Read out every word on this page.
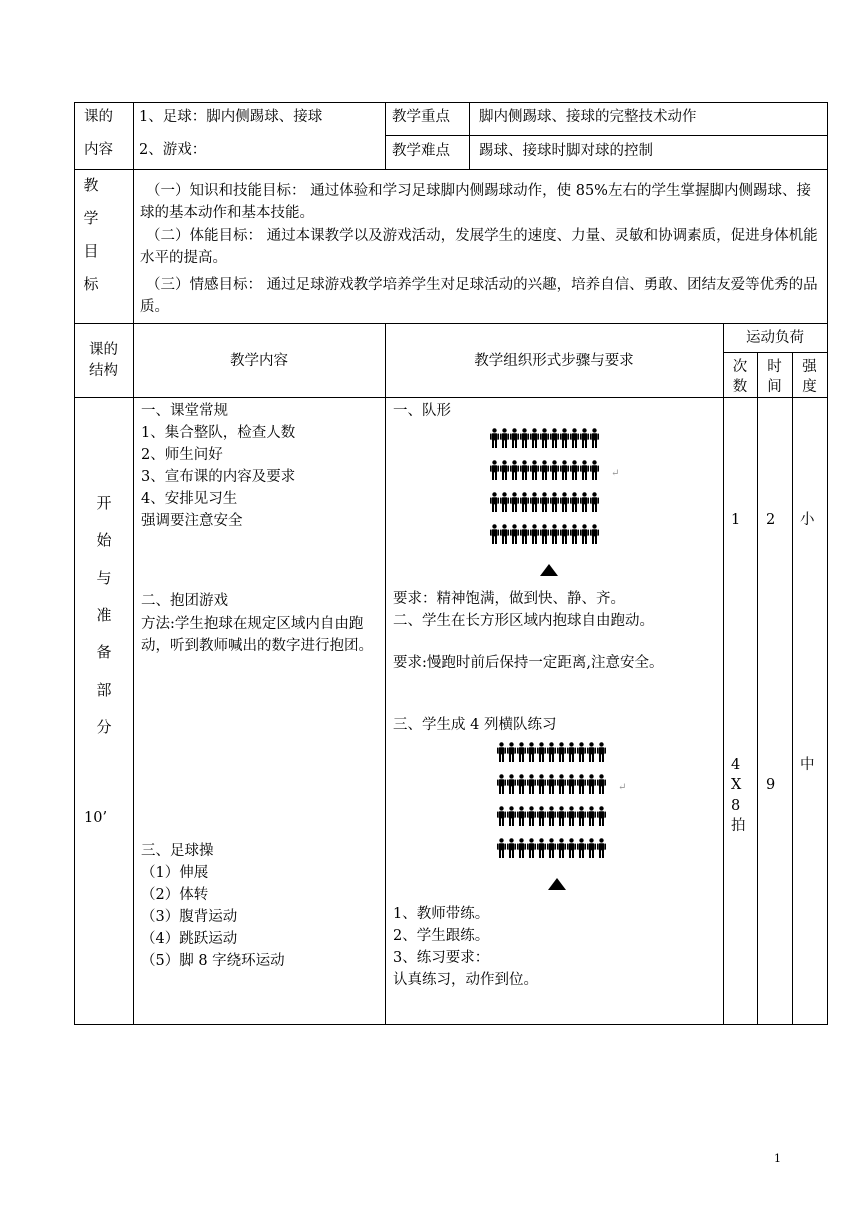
课的
内容
1、足球：脚内侧踢球、接球
2、游戏：
教学重点 脚内侧踢球、接球的完整技术动作
教学难点 踢球、接球时脚对球的控制
教
学
目
标
（一）知识和技能目标： 通过体验和学习足球脚内侧踢球动作，使 85%左右的学生掌握脚内侧踢球、接球的基本动作和基本技能。
（二）体能目标： 通过本课教学以及游戏活动，发展学生的速度、力量、灵敏和协调素质，促进身体机能水平的提高。
（三）情感目标： 通过足球游戏教学培养学生对足球活动的兴趣，培养自信、勇敢、团结友爱等优秀的品质。
课的
结构
教学内容	教学组织形式步骤与要求
运动负荷
次
数
时
间
强
度
开
始
与
准
备
部
分
10’
一、课堂常规
1、集合整队，检查人数
2、师生问好
3、宣布课的内容及要求
4、安排见习生
强调要注意安全
二、抱团游戏
方法:学生抱球在规定区域内自由跑动，听到教师喊出的数字进行抱团。
三、足球操
（1）伸展
（2）体转
（3）腹背运动
（4）跳跃运动
（5）脚 8 字绕环运动
一、队形
↵
要求：精神饱满，做到快、静、齐。
二、学生在长方形区域内抱球自由跑动。
要求:慢跑时前后保持一定距离,注意安全。
三、学生成 4 列横队练习
↵
1、教师带练。
2、学生跟练。
3、练习要求：
认真练习，动作到位。
1 2 小
4
X
8
拍
9
中
1
